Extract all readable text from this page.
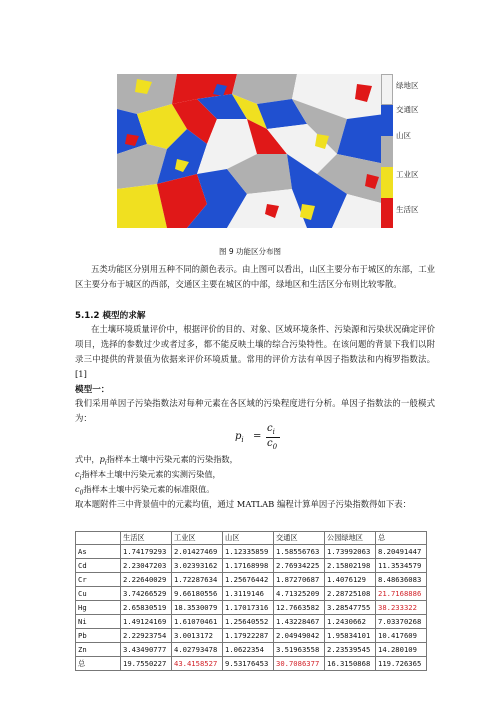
绿地区
交通区
山区
工业区
生活区
图 9 功能区分布图
五类功能区分别用五种不同的颜色表示。由上图可以看出，山区主要分布于城区的东部，工业区主要分布于城区的西部，交通区主要在城区的中部，绿地区和生活区分布则比较零散。
5.1.2 模型的求解
在土壤环境质量评价中，根据评价的目的、对象、区域环境条件、污染源和污染状况确定评价项目，选择的参数过少或者过多，都不能反映土壤的综合污染特性。在该问题的背景下我们以附录三中提供的背景值为依据来评价环境质量。常用的评价方法有单因子指数法和内梅罗指数法。[1]
模型一：
我们采用单因子污染指数法对每种元素在各区域的污染程度进行分析。单因子指数法的一般模式为：
$p_i$ =
$c_i$
$c_0$
式中，$p_i$指样本土壤中污染元素的污染指数，
$c_i$指样本土壤中污染元素的实测污染值，
$c_0$指样本土壤中污染元素的标准限值。
取本题附件三中背景值中的元素均值，通过 MATLAB 编程计算单因子污染指数得如下表：
	生活区	工业区	山区	交通区	公园绿地区	总
As	1.74179293	2.01427469	1.12335859	1.58556763	1.73992063	8.20491447
Cd	2.23047203	3.02393162	1.17168998	2.76934225	2.15802198	11.3534579
Cr	2.22640029	1.72287634	1.25676442	1.87270687	1.4076129	8.48636083
Cu	3.74266529	9.66180556	1.3119146	4.71325209	2.28725108	21.7168886
Hg	2.65830519	18.3530079	1.17017316	12.7663582	3.28547755	38.233322
Ni	1.49124169	1.61070461	1.25640552	1.43228467	1.2430662	7.03370268
Pb	2.22923754	3.0013172	1.17922287	2.04949042	1.95834101	10.417609
Zn	3.43490777	4.02793478	1.0622354	3.51963558	2.23539545	14.280109
总	19.7550227	43.4158527	9.53176453	30.7086377	16.3150868	119.726365
